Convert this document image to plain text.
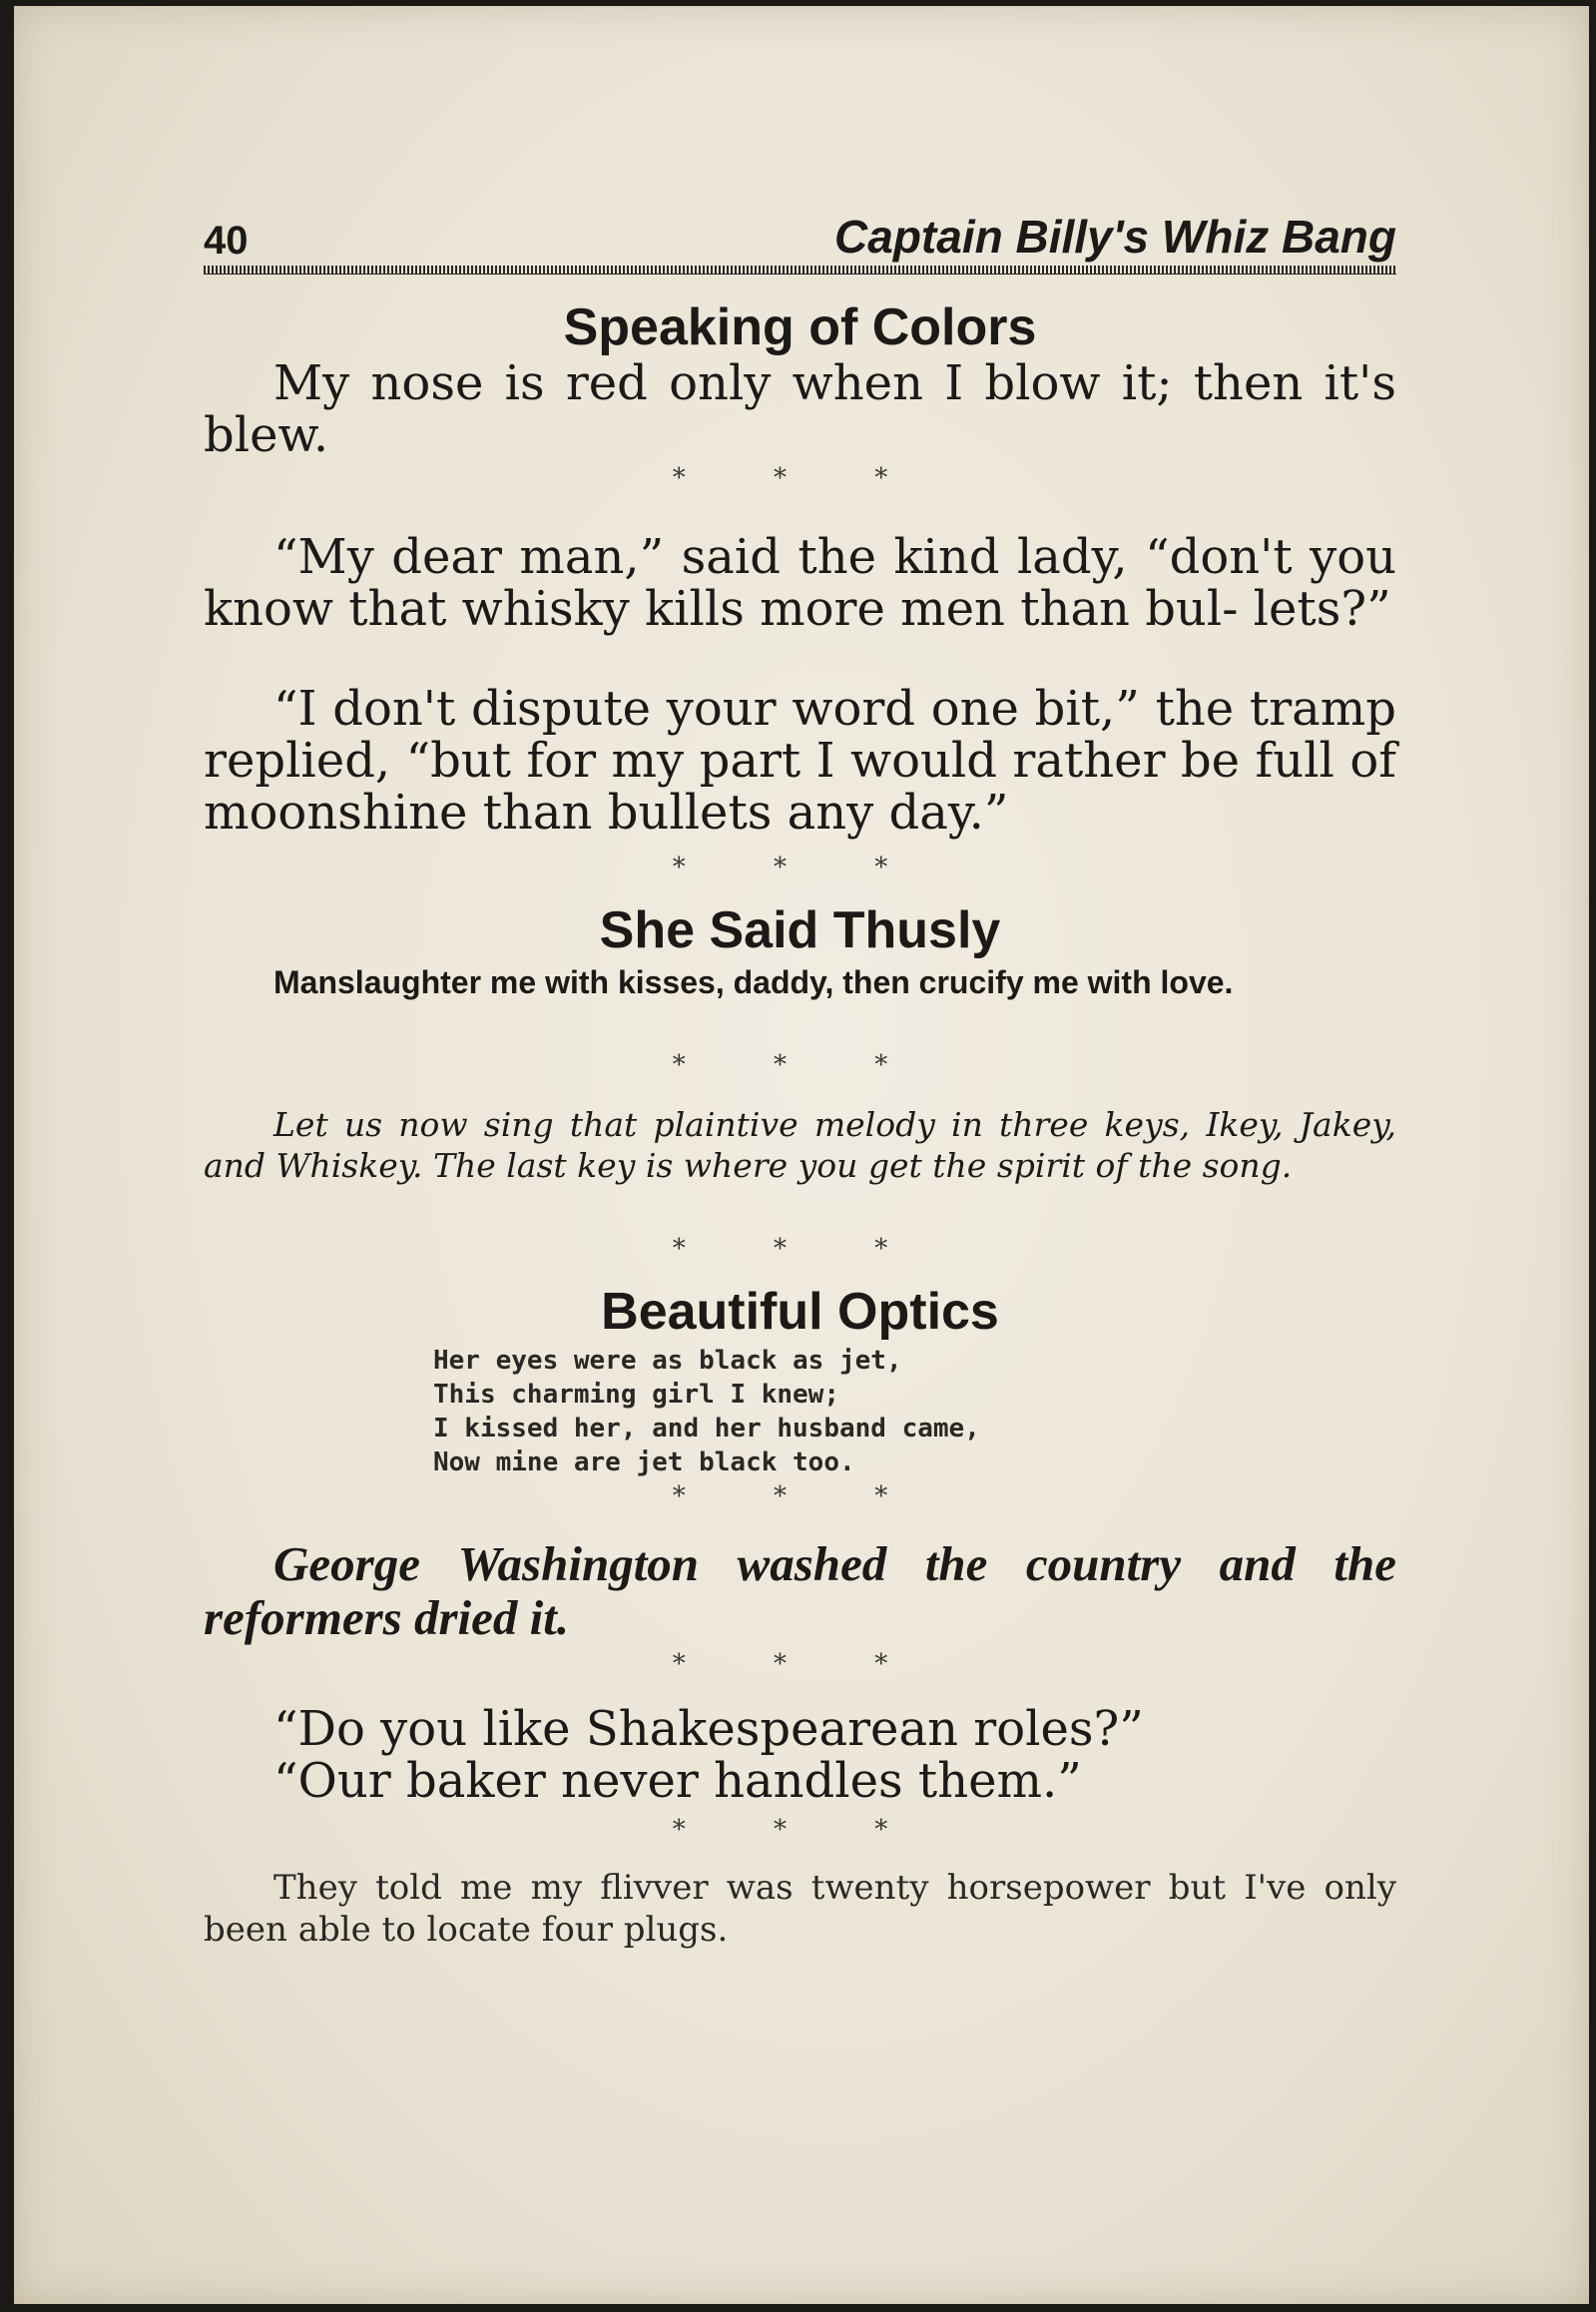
40	Captain Billy's Whiz Bang
Speaking of Colors

My nose is red only when I blow it; then it's blew.

* * *

“My dear man,” said the kind lady, “don't you know that whisky kills more men than bul- lets?”

“I don't dispute your word one bit,” the tramp replied, “but for my part I would rather be full of moonshine than bullets any day.”

* * *
She Said Thusly

Manslaughter me with kisses, daddy, then crucify me with love.

* * *

Let us now sing that plaintive melody in three keys, Ikey, Jakey, and Whiskey. The last key is where you get the spirit of the song.

* * *
Beautiful Optics
Her eyes were as black as jet,
This charming girl I knew;
I kissed her, and her husband came,
Now mine are jet black too.
* * *

George Washington washed the country and the reformers dried it.

* * *

“Do you like Shakespearean roles?”
“Our baker never handles them.”

* * *

They told me my flivver was twenty horsepower but I've only been able to locate four plugs.
